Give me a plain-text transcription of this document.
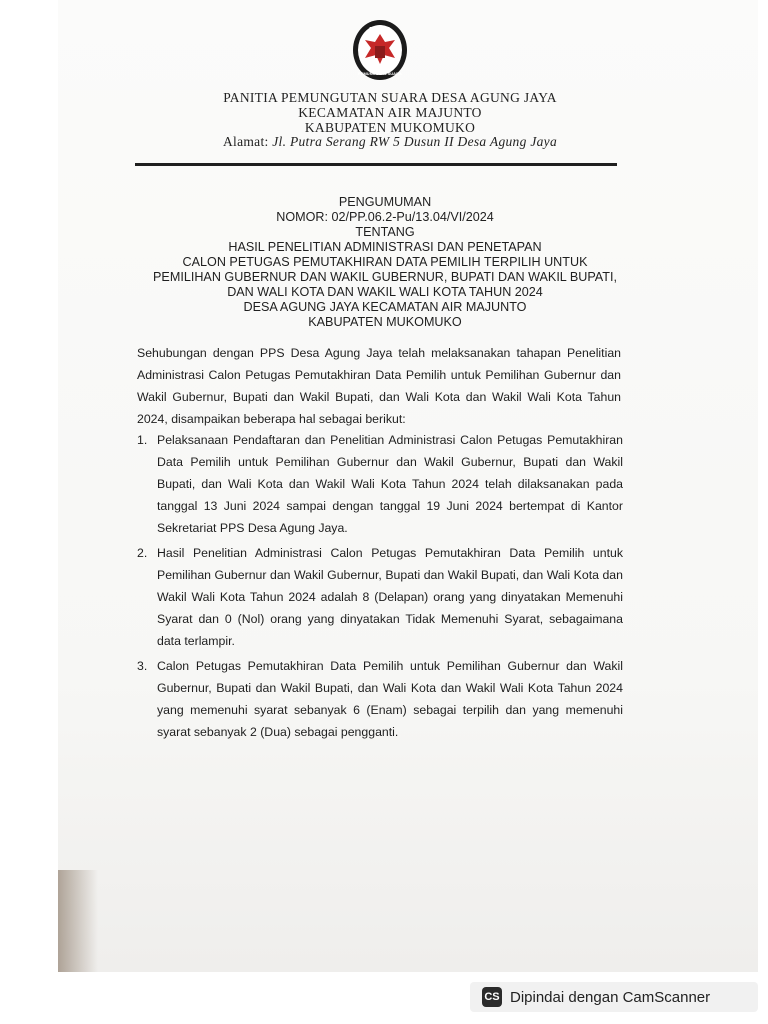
PANITIA
PEMUNGUTAN SUARA
PANITIA PEMUNGUTAN SUARA DESA AGUNG JAYA
KECAMATAN AIR MAJUNTO
KABUPATEN MUKOMUKO
Alamat: Jl. Putra Serang RW 5 Dusun II Desa Agung Jaya
PENGUMUMAN
NOMOR: 02/PP.06.2-Pu/13.04/VI/2024
TENTANG
HASIL PENELITIAN ADMINISTRASI DAN PENETAPAN
CALON PETUGAS PEMUTAKHIRAN DATA PEMILIH TERPILIH UNTUK
PEMILIHAN GUBERNUR DAN WAKIL GUBERNUR, BUPATI DAN WAKIL BUPATI,
DAN WALI KOTA DAN WAKIL WALI KOTA TAHUN 2024
DESA AGUNG JAYA KECAMATAN AIR MAJUNTO
KABUPATEN MUKOMUKO
Sehubungan dengan PPS Desa Agung Jaya telah melaksanakan tahapan Penelitian Administrasi Calon Petugas Pemutakhiran Data Pemilih untuk Pemilihan Gubernur dan Wakil Gubernur, Bupati dan Wakil Bupati, dan Wali Kota dan Wakil Wali Kota Tahun 2024, disampaikan beberapa hal sebagai berikut:
1. Pelaksanaan Pendaftaran dan Penelitian Administrasi Calon Petugas Pemutakhiran Data Pemilih untuk Pemilihan Gubernur dan Wakil Gubernur, Bupati dan Wakil Bupati, dan Wali Kota dan Wakil Wali Kota Tahun 2024 telah dilaksanakan pada tanggal 13 Juni 2024 sampai dengan tanggal 19 Juni 2024 bertempat di Kantor Sekretariat PPS Desa Agung Jaya.
2. Hasil Penelitian Administrasi Calon Petugas Pemutakhiran Data Pemilih untuk Pemilihan Gubernur dan Wakil Gubernur, Bupati dan Wakil Bupati, dan Wali Kota dan Wakil Wali Kota Tahun 2024 adalah 8 (Delapan) orang yang dinyatakan Memenuhi Syarat dan 0 (Nol) orang yang dinyatakan Tidak Memenuhi Syarat, sebagaimana data terlampir.
3. Calon Petugas Pemutakhiran Data Pemilih untuk Pemilihan Gubernur dan Wakil Gubernur, Bupati dan Wakil Bupati, dan Wali Kota dan Wakil Wali Kota Tahun 2024 yang memenuhi syarat sebanyak 6 (Enam) sebagai terpilih dan yang memenuhi syarat sebanyak 2 (Dua) sebagai pengganti.
CS Dipindai dengan CamScanner
